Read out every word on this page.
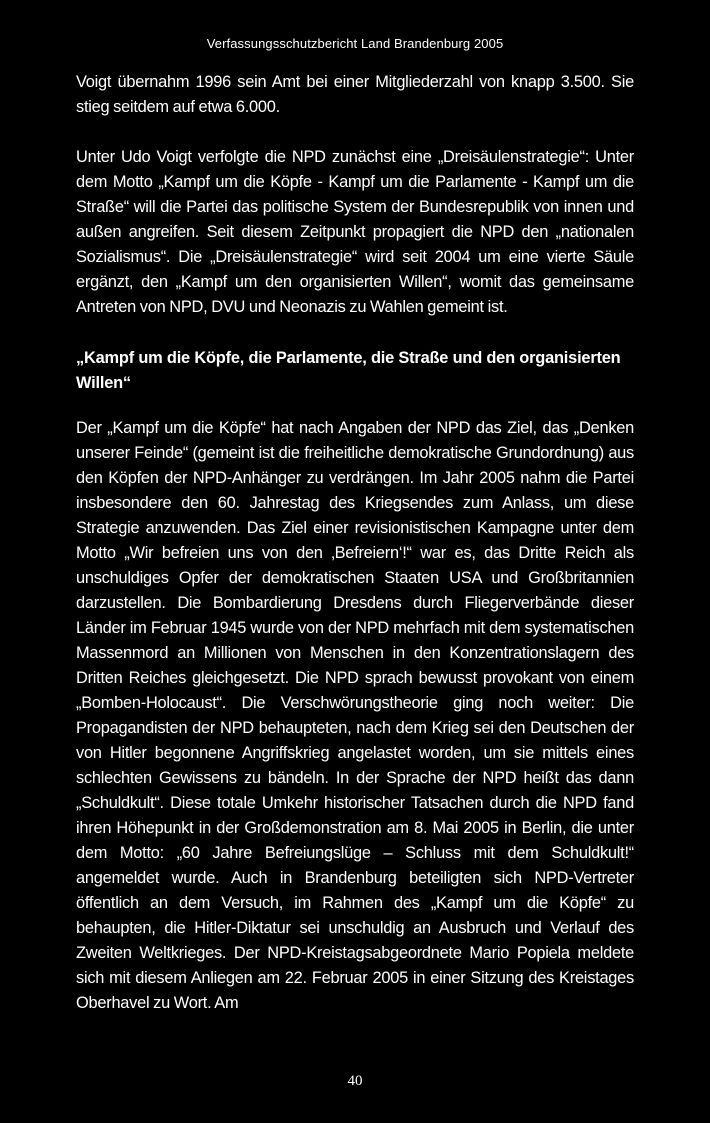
Verfassungsschutzbericht Land Brandenburg 2005

Voigt übernahm 1996 sein Amt bei einer Mitgliederzahl von knapp 3.500. Sie stieg seitdem auf etwa 6.000.

Unter Udo Voigt verfolgte die NPD zunächst eine „Dreisäulenstrategie“: Unter dem Motto „Kampf um die Köpfe - Kampf um die Parlamente - Kampf um die Straße“ will die Partei das politische System der Bundesrepublik von innen und außen angreifen. Seit diesem Zeitpunkt propagiert die NPD den „nationalen Sozialismus“. Die „Dreisäulenstrategie“ wird seit 2004 um eine vierte Säule ergänzt, den „Kampf um den organisierten Willen“, womit das gemeinsame Antreten von NPD, DVU und Neonazis zu Wahlen gemeint ist.

„Kampf um die Köpfe, die Parlamente, die Straße und den organisierten Willen“

Der „Kampf um die Köpfe“ hat nach Angaben der NPD das Ziel, das „Denken unserer Feinde“ (gemeint ist die freiheitliche demokratische Grundordnung) aus den Köpfen der NPD-Anhänger zu verdrängen. Im Jahr 2005 nahm die Partei insbesondere den 60. Jahrestag des Kriegsendes zum Anlass, um diese Strategie anzuwenden. Das Ziel einer revisionistischen Kampagne unter dem Motto „Wir befreien uns von den ‚Befreiern‘!“ war es, das Dritte Reich als unschuldiges Opfer der demokratischen Staaten USA und Großbritannien darzustellen. Die Bombardierung Dresdens durch Fliegerverbände dieser Länder im Februar 1945 wurde von der NPD mehrfach mit dem systematischen Massenmord an Millionen von Menschen in den Konzentrationslagern des Dritten Reiches gleichgesetzt. Die NPD sprach bewusst provokant von einem „Bomben-Holocaust“. Die Verschwörungstheorie ging noch weiter: Die Propagandisten der NPD behaupteten, nach dem Krieg sei den Deutschen der von Hitler begonnene Angriffskrieg angelastet worden, um sie mittels eines schlechten Gewissens zu bändeln. In der Sprache der NPD heißt das dann „Schuldkult“. Diese totale Umkehr historischer Tatsachen durch die NPD fand ihren Höhepunkt in der Großdemonstration am 8. Mai 2005 in Berlin, die unter dem Motto: „60 Jahre Befreiungslüge – Schluss mit dem Schuldkult!“ angemeldet wurde. Auch in Brandenburg beteiligten sich NPD-Vertreter öffentlich an dem Versuch, im Rahmen des „Kampf um die Köpfe“ zu behaupten, die Hitler-Diktatur sei unschuldig an Ausbruch und Verlauf des Zweiten Weltkrieges. Der NPD-Kreistagsabgeordnete Mario Popiela meldete sich mit diesem Anliegen am 22. Februar 2005 in einer Sitzung des Kreistages Oberhavel zu Wort. Am

40
